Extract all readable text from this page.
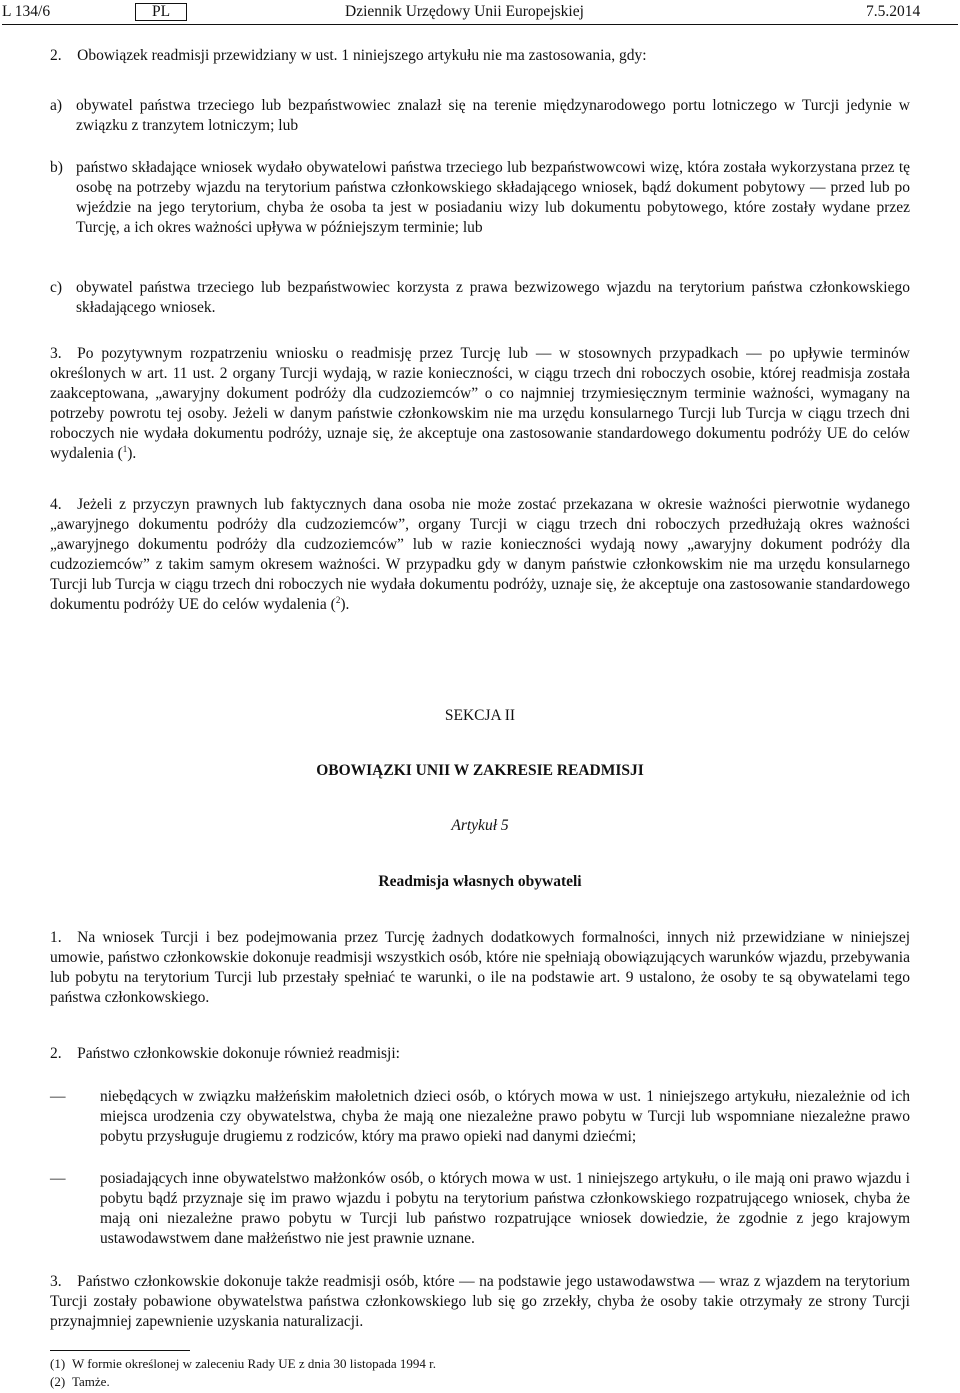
L 134/6	PL	Dziennik Urzędowy Unii Europejskiej	7.5.2014
2. Obowiązek readmisji przewidziany w ust. 1 niniejszego artykułu nie ma zastosowania, gdy:
a) obywatel państwa trzeciego lub bezpaństwowiec znalazł się na terenie międzynarodowego portu lotniczego w Turcji jedynie w związku z tranzytem lotniczym; lub
b) państwo składające wniosek wydało obywatelowi państwa trzeciego lub bezpaństwowcowi wizę, która została wykorzystana przez tę osobę na potrzeby wjazdu na terytorium państwa członkowskiego składającego wniosek, bądź dokument pobytowy — przed lub po wjeździe na jego terytorium, chyba że osoba ta jest w posiadaniu wizy lub dokumentu pobytowego, które zostały wydane przez Turcję, a ich okres ważności upływa w późniejszym terminie; lub
c) obywatel państwa trzeciego lub bezpaństwowiec korzysta z prawa bezwizowego wjazdu na terytorium państwa członkowskiego składającego wniosek.
3. Po pozytywnym rozpatrzeniu wniosku o readmisję przez Turcję lub — w stosownych przypadkach — po upływie terminów określonych w art. 11 ust. 2 organy Turcji wydają, w razie konieczności, w ciągu trzech dni roboczych osobie, której readmisja została zaakceptowana, „awaryjny dokument podróży dla cudzoziemców” o co najmniej trzymiesięcznym terminie ważności, wymagany na potrzeby powrotu tej osoby. Jeżeli w danym państwie członkowskim nie ma urzędu konsularnego Turcji lub Turcja w ciągu trzech dni roboczych nie wydała dokumentu podróży, uznaje się, że akceptuje ona zastosowanie standardowego dokumentu podróży UE do celów wydalenia ($^1$).
4. Jeżeli z przyczyn prawnych lub faktycznych dana osoba nie może zostać przekazana w okresie ważności pierwotnie wydanego „awaryjnego dokumentu podróży dla cudzoziemców”, organy Turcji w ciągu trzech dni roboczych przedłużają okres ważności „awaryjnego dokumentu podróży dla cudzoziemców” lub w razie konieczności wydają nowy „awaryjny dokument podróży dla cudzoziemców” z takim samym okresem ważności. W przypadku gdy w danym państwie członkowskim nie ma urzędu konsularnego Turcji lub Turcja w ciągu trzech dni roboczych nie wydała dokumentu podróży, uznaje się, że akceptuje ona zastosowanie standardowego dokumentu podróży UE do celów wydalenia ($^2$).
SEKCJA II
OBOWIĄZKI UNII W ZAKRESIE READMISJI
Artykuł 5
Readmisja własnych obywateli
1. Na wniosek Turcji i bez podejmowania przez Turcję żadnych dodatkowych formalności, innych niż przewidziane w niniejszej umowie, państwo członkowskie dokonuje readmisji wszystkich osób, które nie spełniają obowiązujących warunków wjazdu, przebywania lub pobytu na terytorium Turcji lub przestały spełniać te warunki, o ile na podstawie art. 9 ustalono, że osoby te są obywatelami tego państwa członkowskiego.
2. Państwo członkowskie dokonuje również readmisji:
— niebędących w związku małżeńskim małoletnich dzieci osób, o których mowa w ust. 1 niniejszego artykułu, niezależnie od ich miejsca urodzenia czy obywatelstwa, chyba że mają one niezależne prawo pobytu w Turcji lub wspomniane niezależne prawo pobytu przysługuje drugiemu z rodziców, który ma prawo opieki nad danymi dziećmi;
— posiadających inne obywatelstwo małżonków osób, o których mowa w ust. 1 niniejszego artykułu, o ile mają oni prawo wjazdu i pobytu bądź przyznaje się im prawo wjazdu i pobytu na terytorium państwa członkowskiego rozpatrującego wniosek, chyba że mają oni niezależne prawo pobytu w Turcji lub państwo rozpatrujące wniosek dowiedzie, że zgodnie z jego krajowym ustawodawstwem dane małżeństwo nie jest prawnie uznane.
3. Państwo członkowskie dokonuje także readmisji osób, które — na podstawie jego ustawodawstwa — wraz z wjazdem na terytorium Turcji zostały pobawione obywatelstwa państwa członkowskiego lub się go zrzekły, chyba że osoby takie otrzymały ze strony Turcji przynajmniej zapewnienie uzyskania naturalizacji.
(1) W formie określonej w zaleceniu Rady UE z dnia 30 listopada 1994 r.
(2) Tamże.
